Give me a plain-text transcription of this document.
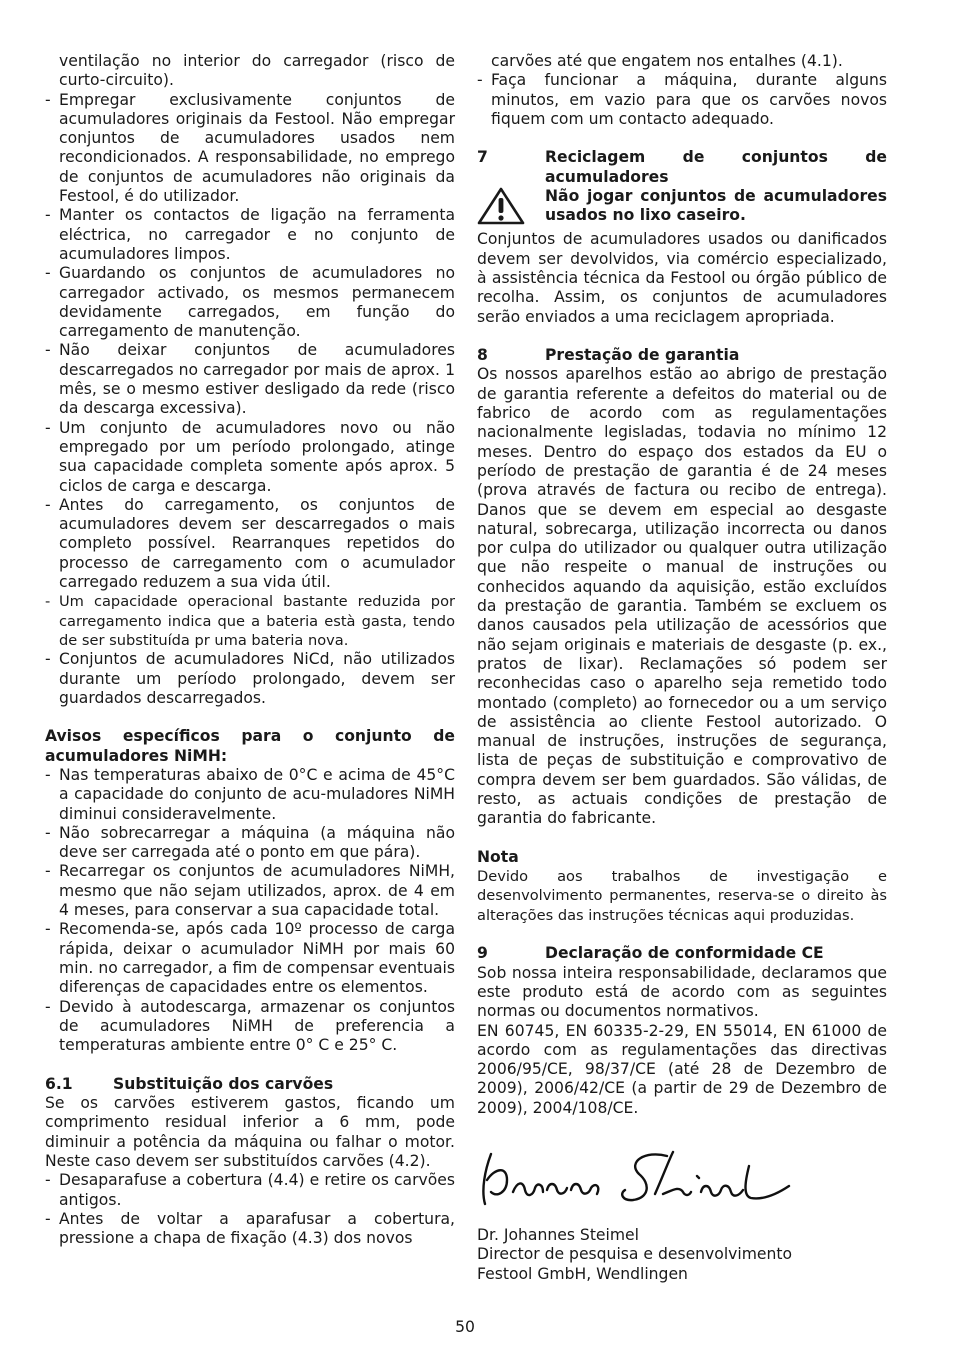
ventilação no interior do carregador (risco de curto-circuito).
- Empregar exclusivamente conjuntos de acumuladores originais da Festool. Não empregar conjuntos de acumuladores usados nem recondicionados. A responsabilidade, no emprego de conjuntos de acumuladores não originais da Festool, é do utilizador.
- Manter os contactos de ligação na ferramenta eléctrica, no carregador e no conjunto de acumuladores limpos.
- Guardando os conjuntos de acumuladores no carregador activado, os mesmos permanecem devidamente carregados, em função do carregamento de manutenção.
- Não deixar conjuntos de acumuladores descarregados no carregador por mais de aprox. 1 mês, se o mesmo estiver desligado da rede (risco da descarga excessiva).
- Um conjunto de acumuladores novo ou não empregado por um período prolongado, atinge sua capacidade completa somente após aprox. 5 ciclos de carga e descarga.
- Antes do carregamento, os conjuntos de acumuladores devem ser descarregados o mais completo possível. Rearranques repetidos do processo de carregamento com o acumulador carregado reduzem a sua vida útil.
- Um capacidade operacional bastante reduzida por carregamento indica que a bateria està gasta, tendo de ser substituída pr uma bateria nova.
- Conjuntos de acumuladores NiCd, não utilizados durante um período prolongado, devem ser guardados descarregados.
Avisos específicos para o conjunto de acumuladores NiMH:
- Nas temperaturas abaixo de 0°C e acima de 45°C a capacidade do conjunto de acu-muladores NiMH diminui consideravelmente.
- Não sobrecarregar a máquina (a máquina não deve ser carregada até o ponto em que pára).
- Recarregar os conjuntos de acumuladores NiMH, mesmo que não sejam utilizados, aprox. de 4 em 4 meses, para conservar a sua capacidade total.
- Recomenda-se, após cada 10º processo de carga rápida, deixar o acumulador NiMH por mais 60 min. no carregador, a fim de compensar eventuais diferenças de capacidades entre os elementos.
- Devido à autodescarga, armazenar os conjuntos de acumuladores NiMH de preferencia a temperaturas ambiente entre 0° C e 25° C.
6.1	Substituição dos carvões
Se os carvões estiverem gastos, ficando um comprimento residual inferior a 6 mm, pode diminuir a potência da máquina ou falhar o motor. Neste caso devem ser substituídos carvões (4.2).
- Desaparafuse a cobertura (4.4) e retire os carvões antigos.
- Antes de voltar a aparafusar a cobertura, pressione a chapa de fixação (4.3) dos novos
carvões até que engatem nos entalhes (4.1).
- Faça funcionar a máquina, durante alguns minutos, em vazio para que os carvões novos fiquem com um contacto adequado.
7	Reciclagem de conjuntos de acumuladores
Não jogar conjuntos de acumuladores usados no lixo caseiro.
Conjuntos de acumuladores usados ou danificados devem ser devolvidos, via comércio especializado, à assistência técnica da Festool ou órgão público de recolha. Assim, os conjuntos de acumuladores serão enviados a uma reciclagem apropriada.
8	Prestação de garantia
Os nossos aparelhos estão ao abrigo de prestação de garantia referente a defeitos do material ou de fabrico de acordo com as regulamentações nacionalmente legisladas, todavia no mínimo 12 meses. Dentro do espaço dos estados da EU o período de prestação de garantia é de 24 meses (prova através de factura ou recibo de entrega). Danos que se devem em especial ao desgaste natural, sobrecarga, utilização incorrecta ou danos por culpa do utilizador ou qualquer outra utilização que não respeite o manual de instruções ou conhecidos aquando da aquisição, estão excluídos da prestação de garantia. Também se excluem os danos causados pela utilização de acessórios que não sejam originais e materiais de desgaste (p. ex., pratos de lixar). Reclamações só podem ser reconhecidas caso o aparelho seja remetido todo montado (completo) ao fornecedor ou a um serviço de assistência ao cliente Festool autorizado. O manual de instruções, instruções de segurança, lista de peças de substituição e comprovativo de compra devem ser bem guardados. São válidas, de resto, as actuais condições de prestação de garantia do fabricante.
Nota
Devido aos trabalhos de investigação e desenvolvimento permanentes, reserva-se o direito às alterações das instruções técnicas aqui produzidas.
9	Declaração de conformidade CE
Sob nossa inteira responsabilidade, declaramos que este produto está de acordo com as seguintes normas ou documentos normativos.
EN 60745, EN 60335-2-29, EN 55014, EN 61000 de acordo com as regulamentações das directivas 2006/95/CE, 98/37/CE (até 28 de Dezembro de 2009), 2006/42/CE (a partir de 29 de Dezembro de 2009), 2004/108/CE.
Dr. Johannes Steimel
Director de pesquisa e desenvolvimento
Festool GmbH, Wendlingen
50
